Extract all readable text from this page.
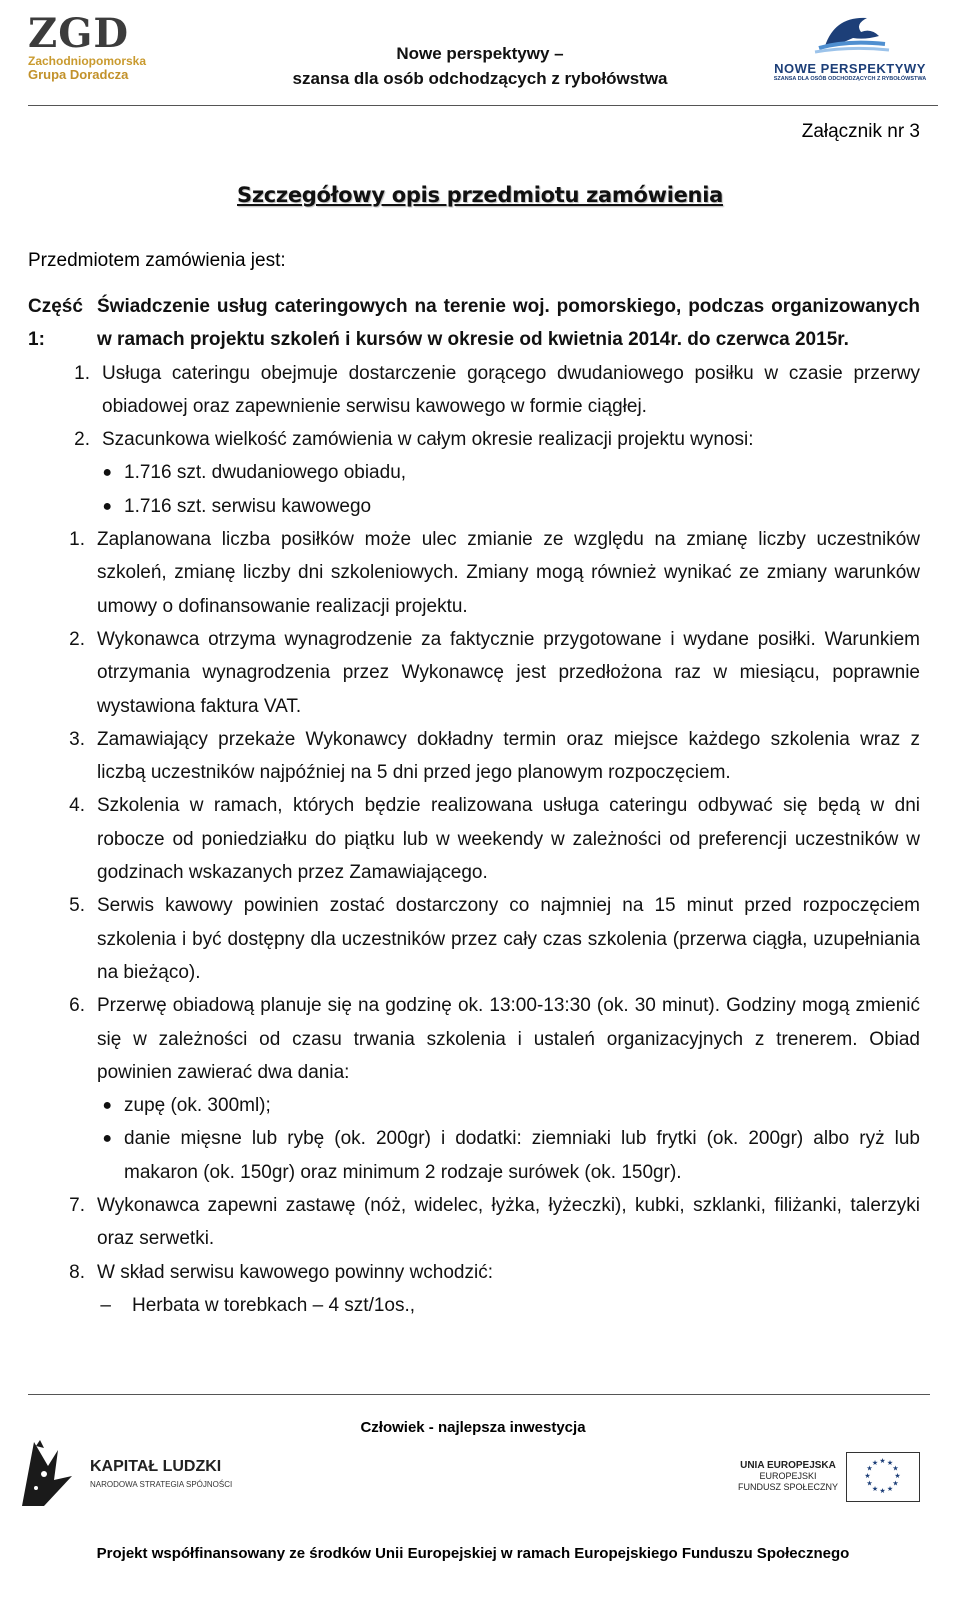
ZGD
Zachodniopomorska
Grupa Doradcza
Nowe perspektywy –
szansa dla osób odchodzących z rybołówstwa
NOWE PERSPEKTYWY
SZANSA DLA OSÓB ODCHODZĄCYCH Z RYBOŁÓWSTWA
Załącznik nr 3
Szczegółowy opis przedmiotu zamówienia
Przedmiotem zamówienia jest:
Część 1:
Świadczenie usług cateringowych na terenie woj. pomorskiego, podczas organizowanych w ramach projektu szkoleń i kursów w okresie od kwietnia 2014r. do czerwca 2015r.
1. Usługa cateringu obejmuje dostarczenie gorącego dwudaniowego posiłku w czasie przerwy obiadowej oraz zapewnienie serwisu kawowego w formie ciągłej.
2. Szacunkowa wielkość zamówienia w całym okresie realizacji projektu wynosi:
● 1.716 szt. dwudaniowego obiadu,
● 1.716 szt. serwisu kawowego
1. Zaplanowana liczba posiłków może ulec zmianie ze względu na zmianę liczby uczestników szkoleń, zmianę liczby dni szkoleniowych. Zmiany mogą również wynikać ze zmiany warunków umowy o dofinansowanie realizacji projektu.
2. Wykonawca otrzyma wynagrodzenie za faktycznie przygotowane i wydane posiłki. Warunkiem otrzymania wynagrodzenia przez Wykonawcę jest przedłożona raz w miesiącu, poprawnie wystawiona faktura VAT.
3. Zamawiający przekaże Wykonawcy dokładny termin oraz miejsce każdego szkolenia wraz z liczbą uczestników najpóźniej na 5 dni przed jego planowym rozpoczęciem.
4. Szkolenia w ramach, których będzie realizowana usługa cateringu odbywać się będą w dni robocze od poniedziałku do piątku lub w weekendy w zależności od preferencji uczestników w godzinach wskazanych przez Zamawiającego.
5. Serwis kawowy powinien zostać dostarczony co najmniej na 15 minut przed rozpoczęciem szkolenia i być dostępny dla uczestników przez cały czas szkolenia (przerwa ciągła, uzupełniania na bieżąco).
6. Przerwę obiadową planuje się na godzinę ok. 13:00-13:30 (ok. 30 minut). Godziny mogą zmienić się w zależności od czasu trwania szkolenia i ustaleń organizacyjnych z trenerem. Obiad powinien zawierać dwa dania:
● zupę (ok. 300ml);
● danie mięsne lub rybę (ok. 200gr) i dodatki: ziemniaki lub frytki (ok. 200gr) albo ryż lub makaron (ok. 150gr) oraz minimum 2 rodzaje surówek (ok. 150gr).
7. Wykonawca zapewni zastawę (nóż, widelec, łyżka, łyżeczki), kubki, szklanki, filiżanki, talerzyki oraz serwetki.
8. W skład serwisu kawowego powinny wchodzić:
– Herbata w torebkach – 4 szt/1os.,
Człowiek - najlepsza inwestycja
KAPITAŁ LUDZKI
NARODOWA STRATEGIA SPÓJNOŚCI
UNIA EUROPEJSKA
EUROPEJSKI
FUNDUSZ SPOŁECZNY
★ ★
★
★
★
★
★
★
★
★
★
★
Projekt współfinansowany ze środków Unii Europejskiej w ramach Europejskiego Funduszu Społecznego
